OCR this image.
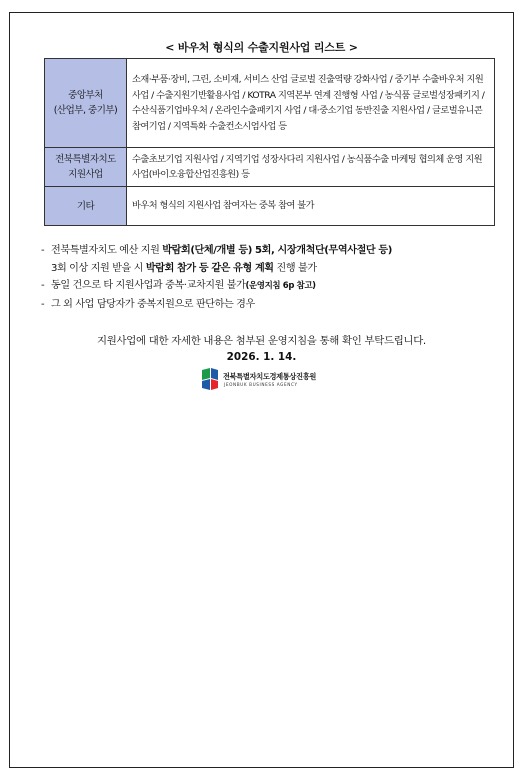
< 바우처 형식의 수출지원사업 리스트 >
중앙부처
(산업부, 중기부)	소재·부품·장비, 그린, 소비재, 서비스 산업 글로벌 진출역량 강화사업 / 중기부 수출바우처 지원사업 / 수출지원기반활용사업 / KOTRA 지역본부 연계 진행형 사업 / 농식품 글로벌성장패키지 / 수산식품기업바우처 / 온라인수출패키지 사업 / 대·중소기업 동반진출 지원사업 / 글로벌유니콘 참여기업 / 지역특화 수출컨소시엄사업 등

전북특별자치도
지원사업	수출초보기업 지원사업 / 지역기업 성장사다리 지원사업 / 농식품수출 마케팅 협의체 운영 지원사업(바이오융합산업진흥원) 등

기타	바우처 형식의 지원사업 참여자는 중복 참여 불가
- 전북특별자치도 예산 지원 박람회(단체/개별 등) 5회, 시장개척단(무역사절단 등)
3회 이상 지원 받을 시 박람회 참가 등 같은 유형 계획 진행 불가
- 동일 건으로 타 지원사업과 중복·교차지원 불가(운영지침 6p 참고)
- 그 외 사업 담당자가 중복지원으로 판단하는 경우
지원사업에 대한 자세한 내용은 첨부된 운영지침을 통해 확인 부탁드립니다.
2026. 1. 14.
전북특별자치도경제통상진흥원
JEONBUK BUSINESS AGENCY
